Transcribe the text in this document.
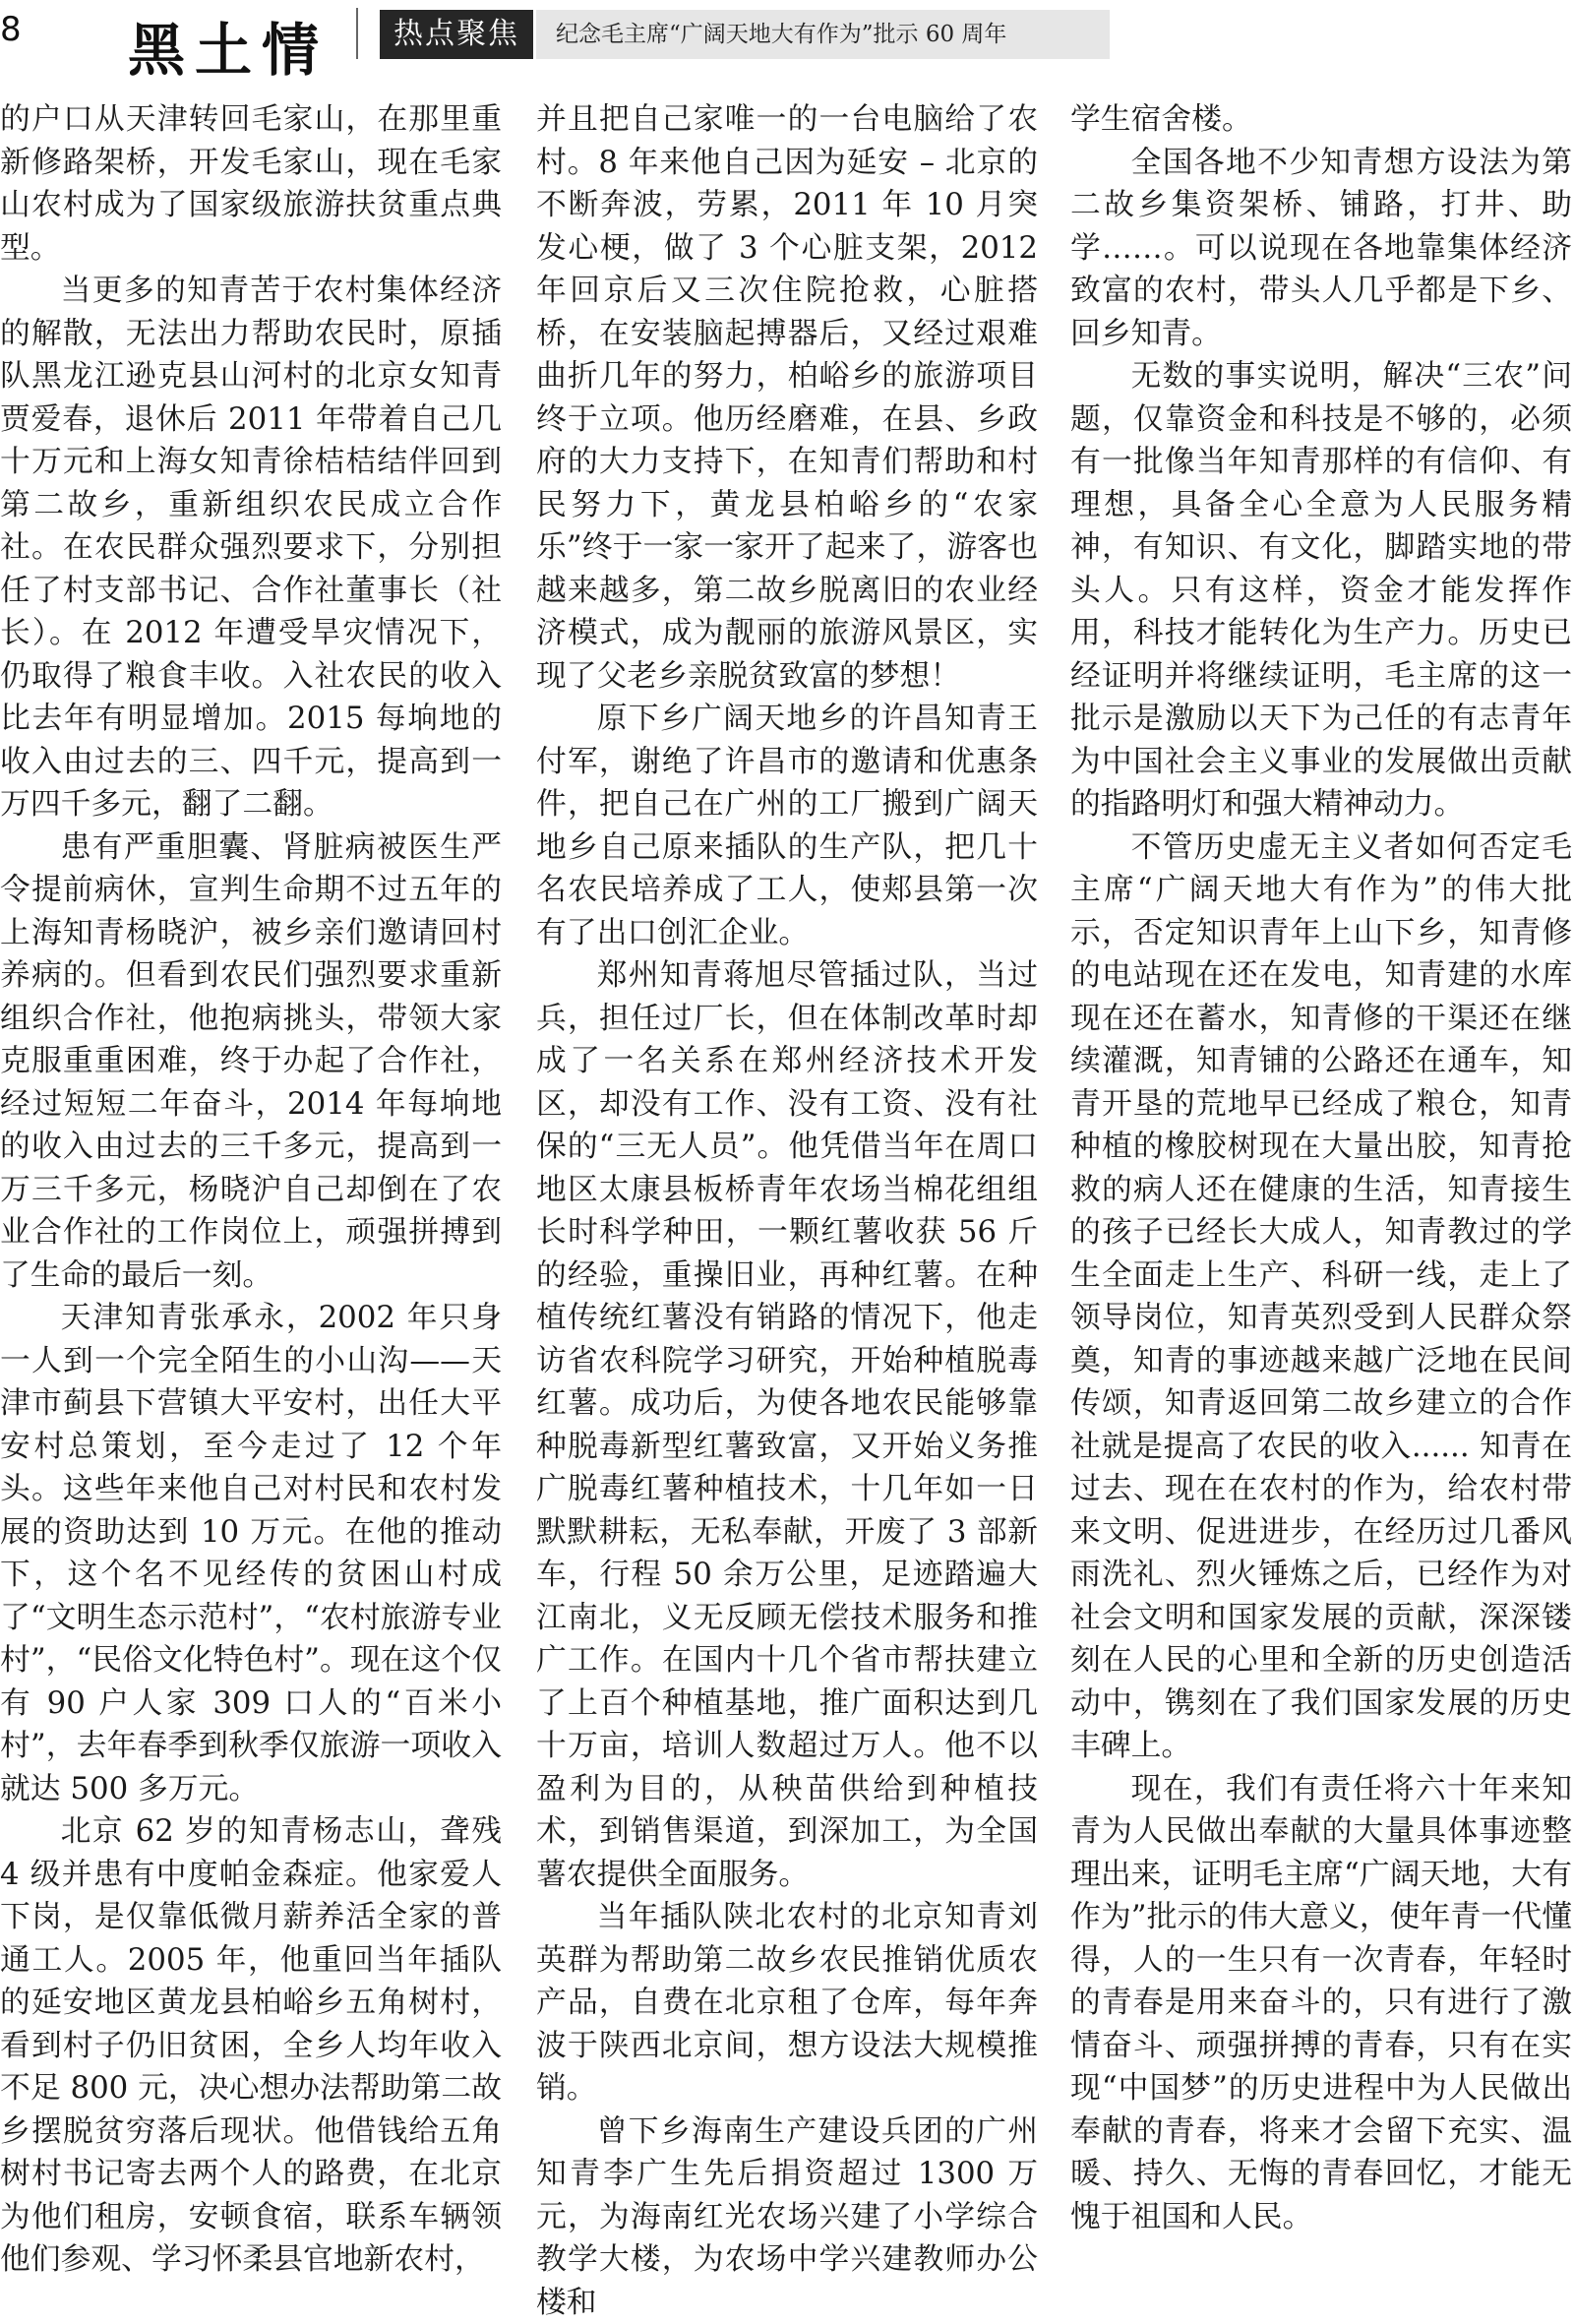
8 黑土情	热点聚焦	纪念毛主席“广阔天地大有作为”批示 60 周年

的户口从天津转回毛家山，在那里重新修路架桥，开发毛家山，现在毛家山农村成为了国家级旅游扶贫重点典型。

当更多的知青苦于农村集体经济的解散，无法出力帮助农民时，原插队黑龙江逊克县山河村的北京女知青贾爱春，退休后 2011 年带着自己几十万元和上海女知青徐桔桔结伴回到第二故乡，重新组织农民成立合作社。在农民群众强烈要求下，分别担任了村支部书记、合作社董事长（社长）。在 2012 年遭受旱灾情况下，仍取得了粮食丰收。入社农民的收入比去年有明显增加。2015 每垧地的收入由过去的三、四千元，提高到一万四千多元，翻了二翻。

患有严重胆囊、肾脏病被医生严令提前病休，宣判生命期不过五年的上海知青杨晓沪，被乡亲们邀请回村养病的。但看到农民们强烈要求重新组织合作社，他抱病挑头，带领大家克服重重困难，终于办起了合作社，经过短短二年奋斗，2014 年每垧地的收入由过去的三千多元，提高到一万三千多元，杨晓沪自己却倒在了农业合作社的工作岗位上，顽强拼搏到了生命的最后一刻。

天津知青张承永，2002 年只身一人到一个完全陌生的小山沟——天津市蓟县下营镇大平安村，出任大平安村总策划，至今走过了 12 个年头。这些年来他自己对村民和农村发展的资助达到 10 万元。在他的推动下，这个名不见经传的贫困山村成了“文明生态示范村”，“农村旅游专业村”，“民俗文化特色村”。现在这个仅有 90 户人家 309 口人的“百米小村”，去年春季到秋季仅旅游一项收入就达 500 多万元。

北京 62 岁的知青杨志山，聋残 4 级并患有中度帕金森症。他家爱人下岗，是仅靠低微月薪养活全家的普通工人。2005 年，他重回当年插队的延安地区黄龙县柏峪乡五角树村，看到村子仍旧贫困，全乡人均年收入不足 800 元，决心想办法帮助第二故乡摆脱贫穷落后现状。他借钱给五角树村书记寄去两个人的路费，在北京为他们租房，安顿食宿，联系车辆领他们参观、学习怀柔县官地新农村，

并且把自己家唯一的一台电脑给了农村。8 年来他自己因为延安 – 北京的不断奔波，劳累，2011 年 10 月突发心梗，做了 3 个心脏支架，2012 年回京后又三次住院抢救，心脏搭桥，在安装脑起搏器后，又经过艰难曲折几年的努力，柏峪乡的旅游项目终于立项。他历经磨难，在县、乡政府的大力支持下，在知青们帮助和村民努力下，黄龙县柏峪乡的“农家乐”终于一家一家开了起来了，游客也越来越多，第二故乡脱离旧的农业经济模式，成为靓丽的旅游风景区，实现了父老乡亲脱贫致富的梦想！

原下乡广阔天地乡的许昌知青王付军，谢绝了许昌市的邀请和优惠条件，把自己在广州的工厂搬到广阔天地乡自己原来插队的生产队，把几十名农民培养成了工人，使郏县第一次有了出口创汇企业。

郑州知青蒋旭尽管插过队，当过兵，担任过厂长，但在体制改革时却成了一名关系在郑州经济技术开发区，却没有工作、没有工资、没有社保的“三无人员”。他凭借当年在周口地区太康县板桥青年农场当棉花组组长时科学种田，一颗红薯收获 56 斤的经验，重操旧业，再种红薯。在种植传统红薯没有销路的情况下，他走访省农科院学习研究，开始种植脱毒红薯。成功后，为使各地农民能够靠种脱毒新型红薯致富，又开始义务推广脱毒红薯种植技术，十几年如一日默默耕耘，无私奉献，开废了 3 部新车，行程 50 余万公里，足迹踏遍大江南北，义无反顾无偿技术服务和推广工作。在国内十几个省市帮扶建立了上百个种植基地，推广面积达到几十万亩，培训人数超过万人。他不以盈利为目的，从秧苗供给到种植技术，到销售渠道，到深加工，为全国薯农提供全面服务。

当年插队陕北农村的北京知青刘英群为帮助第二故乡农民推销优质农产品，自费在北京租了仓库，每年奔波于陕西北京间，想方设法大规模推销。

曾下乡海南生产建设兵团的广州知青李广生先后捐资超过 1300 万元，为海南红光农场兴建了小学综合教学大楼，为农场中学兴建教师办公楼和

学生宿舍楼。

全国各地不少知青想方设法为第二故乡集资架桥、铺路，打井、助学……。可以说现在各地靠集体经济致富的农村，带头人几乎都是下乡、回乡知青。

无数的事实说明，解决“三农”问题，仅靠资金和科技是不够的，必须有一批像当年知青那样的有信仰、有理想，具备全心全意为人民服务精神，有知识、有文化，脚踏实地的带头人。只有这样，资金才能发挥作用，科技才能转化为生产力。历史已经证明并将继续证明，毛主席的这一批示是激励以天下为己任的有志青年为中国社会主义事业的发展做出贡献的指路明灯和强大精神动力。

不管历史虚无主义者如何否定毛主席“广阔天地大有作为”的伟大批示，否定知识青年上山下乡，知青修的电站现在还在发电，知青建的水库现在还在蓄水，知青修的干渠还在继续灌溉，知青铺的公路还在通车，知青开垦的荒地早已经成了粮仓，知青种植的橡胶树现在大量出胶，知青抢救的病人还在健康的生活，知青接生的孩子已经长大成人，知青教过的学生全面走上生产、科研一线，走上了领导岗位，知青英烈受到人民群众祭奠，知青的事迹越来越广泛地在民间传颂，知青返回第二故乡建立的合作社就是提高了农民的收入...... 知青在过去、现在在农村的作为，给农村带来文明、促进进步，在经历过几番风雨洗礼、烈火锤炼之后，已经作为对社会文明和国家发展的贡献，深深镂刻在人民的心里和全新的历史创造活动中，镌刻在了我们国家发展的历史丰碑上。

现在，我们有责任将六十年来知青为人民做出奉献的大量具体事迹整理出来，证明毛主席“广阔天地，大有作为”批示的伟大意义，使年青一代懂得，人的一生只有一次青春，年轻时的青春是用来奋斗的，只有进行了激情奋斗、顽强拼搏的青春，只有在实现“中国梦”的历史进程中为人民做出奉献的青春，将来才会留下充实、温暖、持久、无悔的青春回忆，才能无愧于祖国和人民。
